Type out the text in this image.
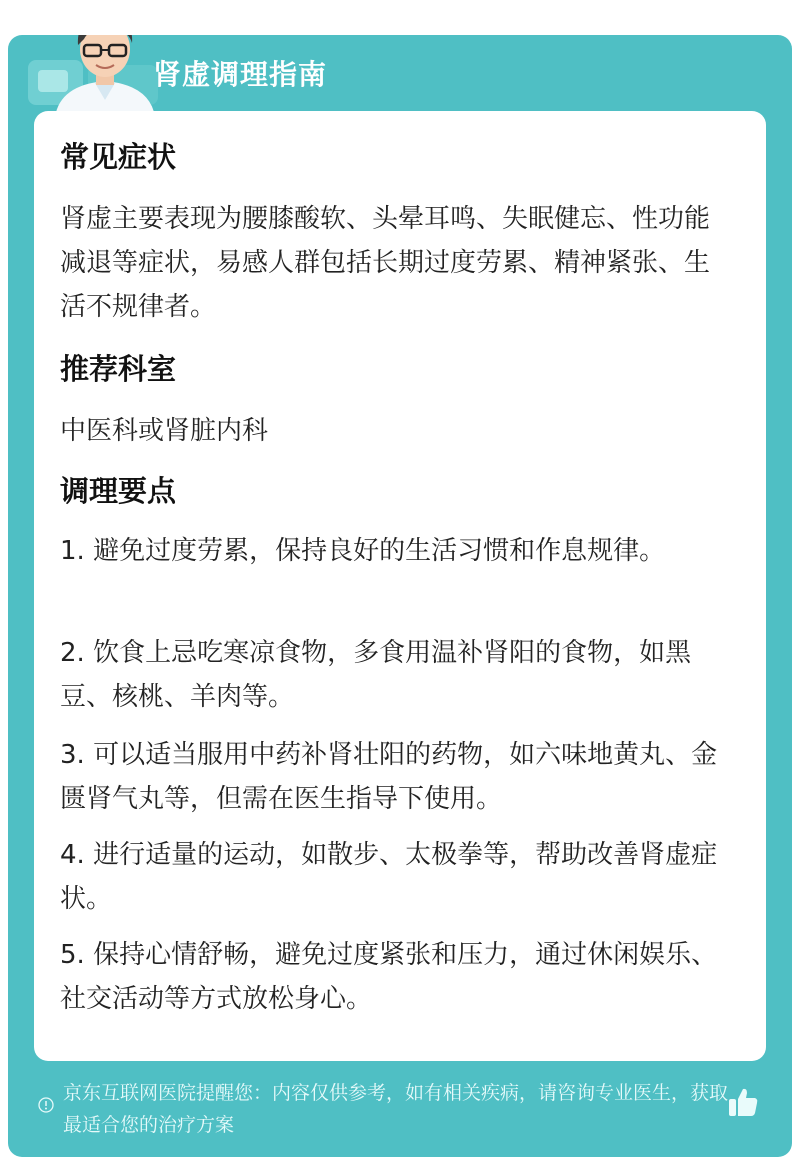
肾虚调理指南
常见症状
肾虚主要表现为腰膝酸软、头晕耳鸣、失眠健忘、性功能减退等症状，易感人群包括长期过度劳累、精神紧张、生活不规律者。
推荐科室
中医科或肾脏内科
调理要点
1. 避免过度劳累，保持良好的生活习惯和作息规律。
2. 饮食上忌吃寒凉食物，多食用温补肾阳的食物，如黑豆、核桃、羊肉等。
3. 可以适当服用中药补肾壮阳的药物，如六味地黄丸、金匮肾气丸等，但需在医生指导下使用。
4. 进行适量的运动，如散步、太极拳等，帮助改善肾虚症状。
5. 保持心情舒畅，避免过度紧张和压力，通过休闲娱乐、社交活动等方式放松身心。
京东互联网医院提醒您：内容仅供参考，如有相关疾病，请咨询专业医生，获取最适合您的治疗方案
